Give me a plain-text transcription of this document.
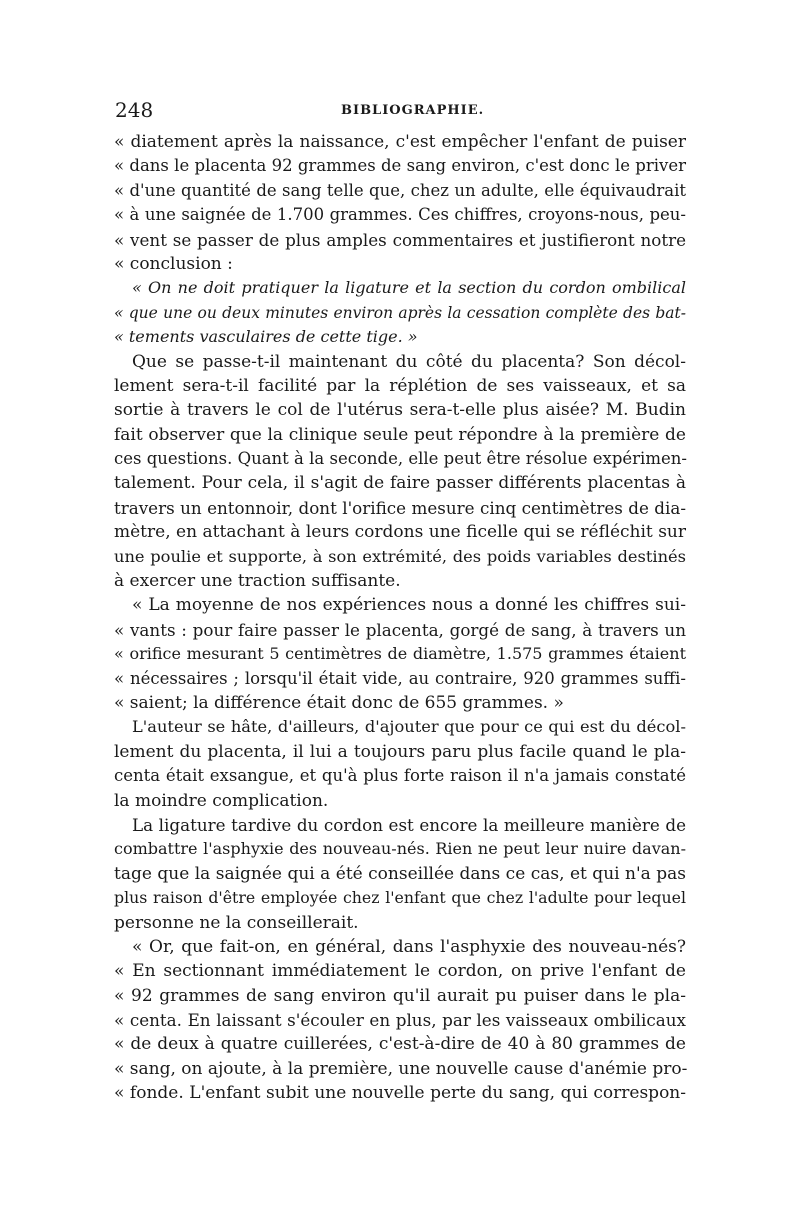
248	BIBLIOGRAPHIE.
« diatement après la naissance, c'est empêcher l'enfant de puiser
« dans le placenta 92 grammes de sang environ, c'est donc le priver
« d'une quantité de sang telle que, chez un adulte, elle équivaudrait
« à une saignée de 1.700 grammes. Ces chiffres, croyons-nous, peu-
« vent se passer de plus amples commentaires et justifieront notre
« conclusion :
« On ne doit pratiquer la ligature et la section du cordon ombilical
« que une ou deux minutes environ après la cessation complète des bat-
« tements vasculaires de cette tige. »
Que se passe-t-il maintenant du côté du placenta? Son décol-
lement sera-t-il facilité par la réplétion de ses vaisseaux, et sa
sortie à travers le col de l'utérus sera-t-elle plus aisée? M. Budin
fait observer que la clinique seule peut répondre à la première de
ces questions. Quant à la seconde, elle peut être résolue expérimen-
talement. Pour cela, il s'agit de faire passer différents placentas à
travers un entonnoir, dont l'orifice mesure cinq centimètres de dia-
mètre, en attachant à leurs cordons une ficelle qui se réfléchit sur
une poulie et supporte, à son extrémité, des poids variables destinés
à exercer une traction suffisante.
« La moyenne de nos expériences nous a donné les chiffres sui-
« vants : pour faire passer le placenta, gorgé de sang, à travers un
« orifice mesurant 5 centimètres de diamètre, 1.575 grammes étaient
« nécessaires ; lorsqu'il était vide, au contraire, 920 grammes suffi-
« saient; la différence était donc de 655 grammes. »
L'auteur se hâte, d'ailleurs, d'ajouter que pour ce qui est du décol-
lement du placenta, il lui a toujours paru plus facile quand le pla-
centa était exsangue, et qu'à plus forte raison il n'a jamais constaté
la moindre complication.
La ligature tardive du cordon est encore la meilleure manière de
combattre l'asphyxie des nouveau-nés. Rien ne peut leur nuire davan-
tage que la saignée qui a été conseillée dans ce cas, et qui n'a pas
plus raison d'être employée chez l'enfant que chez l'adulte pour lequel
personne ne la conseillerait.
« Or, que fait-on, en général, dans l'asphyxie des nouveau-nés?
« En sectionnant immédiatement le cordon, on prive l'enfant de
« 92 grammes de sang environ qu'il aurait pu puiser dans le pla-
« centa. En laissant s'écouler en plus, par les vaisseaux ombilicaux
« de deux à quatre cuillerées, c'est-à-dire de 40 à 80 grammes de
« sang, on ajoute, à la première, une nouvelle cause d'anémie pro-
« fonde. L'enfant subit une nouvelle perte du sang, qui correspon-
